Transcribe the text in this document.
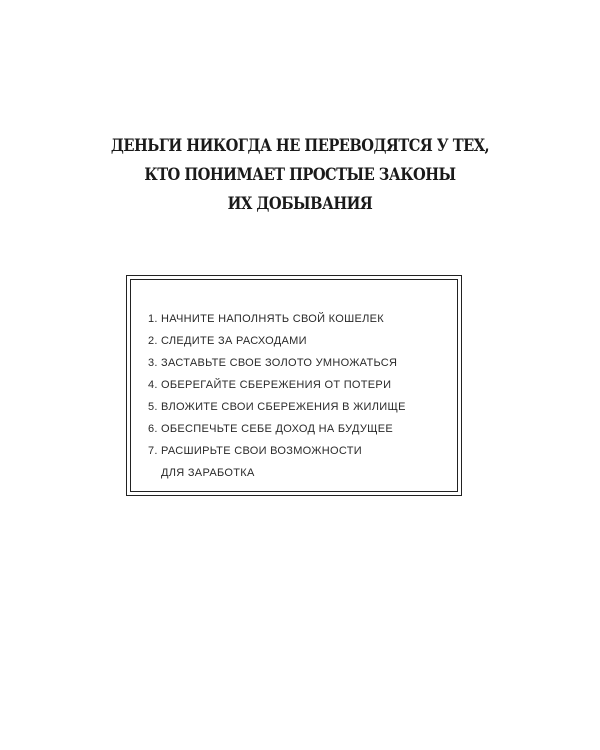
ДЕНЬГИ НИКОГДА НЕ ПЕРЕВОДЯТСЯ У ТЕХ,
КТО ПОНИМАЕТ ПРОСТЫЕ ЗАКОНЫ
ИХ ДОБЫВАНИЯ
1. НАЧНИТЕ НАПОЛНЯТЬ СВОЙ КОШЕЛЕК
2. СЛЕДИТЕ ЗА РАСХОДАМИ
3. ЗАСТАВЬТЕ СВОЕ ЗОЛОТО УМНОЖАТЬСЯ
4. ОБЕРЕГАЙТЕ СБЕРЕЖЕНИЯ ОТ ПОТЕРИ
5. ВЛОЖИТЕ СВОИ СБЕРЕЖЕНИЯ В ЖИЛИЩЕ
6. ОБЕСПЕЧЬТЕ СЕБЕ ДОХОД НА БУДУЩЕЕ
7. РАСШИРЬТЕ СВОИ ВОЗМОЖНОСТИ
ДЛЯ ЗАРАБОТКА
